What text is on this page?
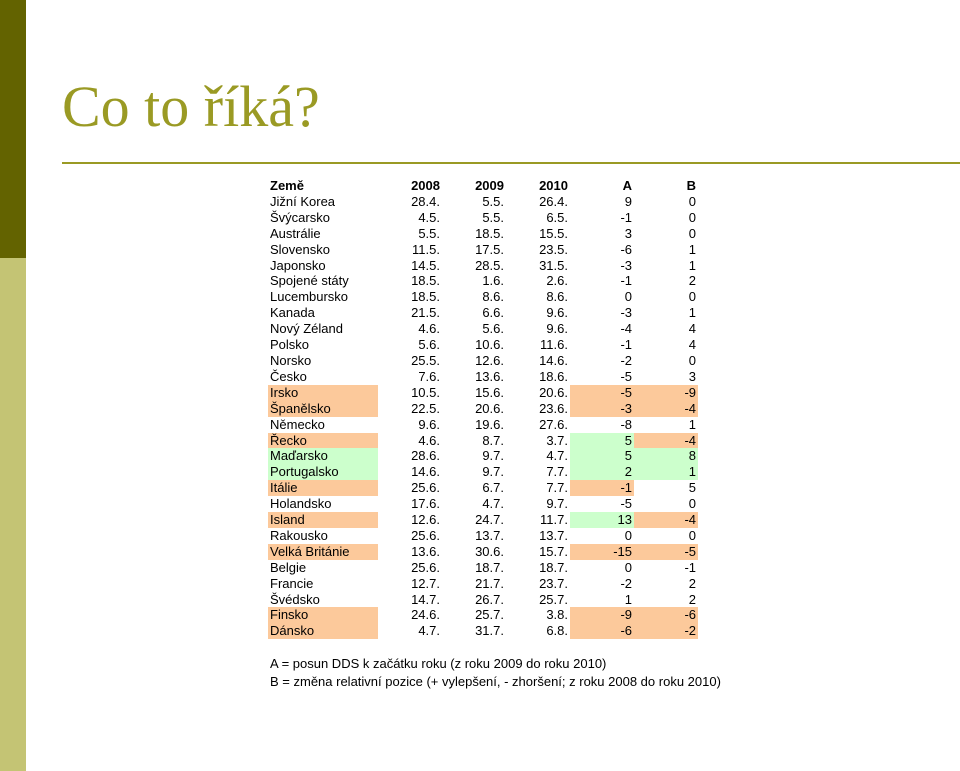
Co to říká?
Země	2008	2009	2010	A	B
Jižní Korea	28.4.	5.5.	26.4.	9	0
Švýcarsko	4.5.	5.5.	6.5.	-1	0
Austrálie	5.5.	18.5.	15.5.	3	0
Slovensko	11.5.	17.5.	23.5.	-6	1
Japonsko	14.5.	28.5.	31.5.	-3	1
Spojené státy	18.5.	1.6.	2.6.	-1	2
Lucembursko	18.5.	8.6.	8.6.	0	0
Kanada	21.5.	6.6.	9.6.	-3	1
Nový Zéland	4.6.	5.6.	9.6.	-4	4
Polsko	5.6.	10.6.	11.6.	-1	4
Norsko	25.5.	12.6.	14.6.	-2	0
Česko	7.6.	13.6.	18.6.	-5	3
Irsko	10.5.	15.6.	20.6.	-5	-9
Španělsko	22.5.	20.6.	23.6.	-3	-4
Německo	9.6.	19.6.	27.6.	-8	1
Řecko	4.6.	8.7.	3.7.	5	-4
Maďarsko	28.6.	9.7.	4.7.	5	8
Portugalsko	14.6.	9.7.	7.7.	2	1
Itálie	25.6.	6.7.	7.7.	-1	5
Holandsko	17.6.	4.7.	9.7.	-5	0
Island	12.6.	24.7.	11.7.	13	-4
Rakousko	25.6.	13.7.	13.7.	0	0
Velká Británie	13.6.	30.6.	15.7.	-15	-5
Belgie	25.6.	18.7.	18.7.	0	-1
Francie	12.7.	21.7.	23.7.	-2	2
Švédsko	14.7.	26.7.	25.7.	1	2
Finsko	24.6.	25.7.	3.8.	-9	-6
Dánsko	4.7.	31.7.	6.8.	-6	-2
A = posun DDS k začátku roku (z roku 2009 do roku 2010)
B = změna relativní pozice (+ vylepšení, - zhoršení; z roku 2008 do roku 2010)
